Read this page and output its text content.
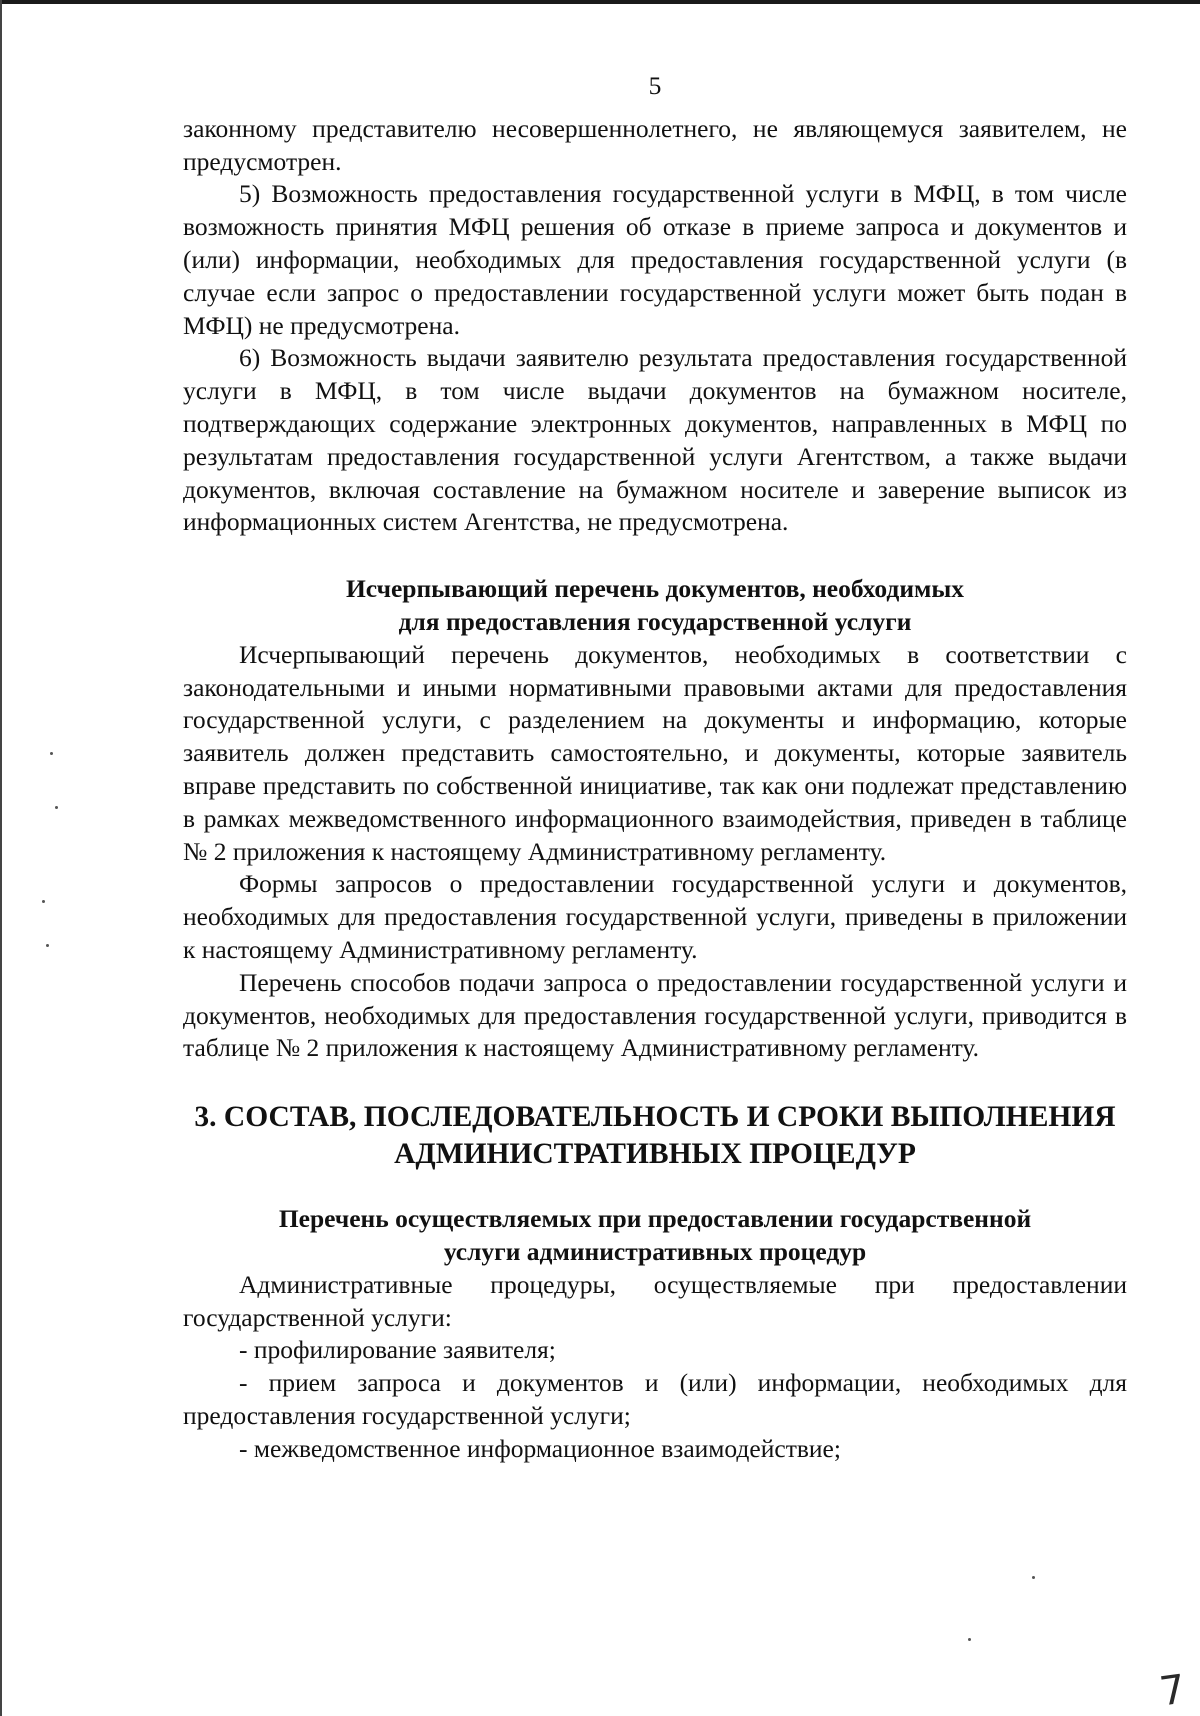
5

законному представителю несовершеннолетнего, не являющемуся заявителем, не предусмотрен.

5) Возможность предоставления государственной услуги в МФЦ, в том числе возможность принятия МФЦ решения об отказе в приеме запроса и документов и (или) информации, необходимых для предоставления государственной услуги (в случае если запрос о предоставлении государственной услуги может быть подан в МФЦ) не предусмотрена.

6) Возможность выдачи заявителю результата предоставления государственной услуги в МФЦ, в том числе выдачи документов на бумажном носителе, подтверждающих содержание электронных документов, направленных в МФЦ по результатам предоставления государственной услуги Агентством, а также выдачи документов, включая составление на бумажном носителе и заверение выписок из информационных систем Агентства, не предусмотрена.

Исчерпывающий перечень документов, необходимых

для предоставления государственной услуги

Исчерпывающий перечень документов, необходимых в соответствии с законодательными и иными нормативными правовыми актами для предоставления государственной услуги, с разделением на документы и информацию, которые заявитель должен представить самостоятельно, и документы, которые заявитель вправе представить по собственной инициативе, так как они подлежат представлению в рамках межведомственного информационного взаимодействия, приведен в таблице № 2 приложения к настоящему Административному регламенту.

Формы запросов о предоставлении государственной услуги и документов, необходимых для предоставления государственной услуги, приведены в приложении к настоящему Административному регламенту.

Перечень способов подачи запроса о предоставлении государственной услуги и документов, необходимых для предоставления государственной услуги, приводится в таблице № 2 приложения к настоящему Административному регламенту.

3. СОСТАВ, ПОСЛЕДОВАТЕЛЬНОСТЬ И СРОКИ ВЫПОЛНЕНИЯ

АДМИНИСТРАТИВНЫХ ПРОЦЕДУР

Перечень осуществляемых при предоставлении государственной

услуги административных процедур

Административные процедуры, осуществляемые при предоставлении государственной услуги:

- профилирование заявителя;

- прием запроса и документов и (или) информации, необходимых для предоставления государственной услуги;

- межведомственное информационное взаимодействие;

7
